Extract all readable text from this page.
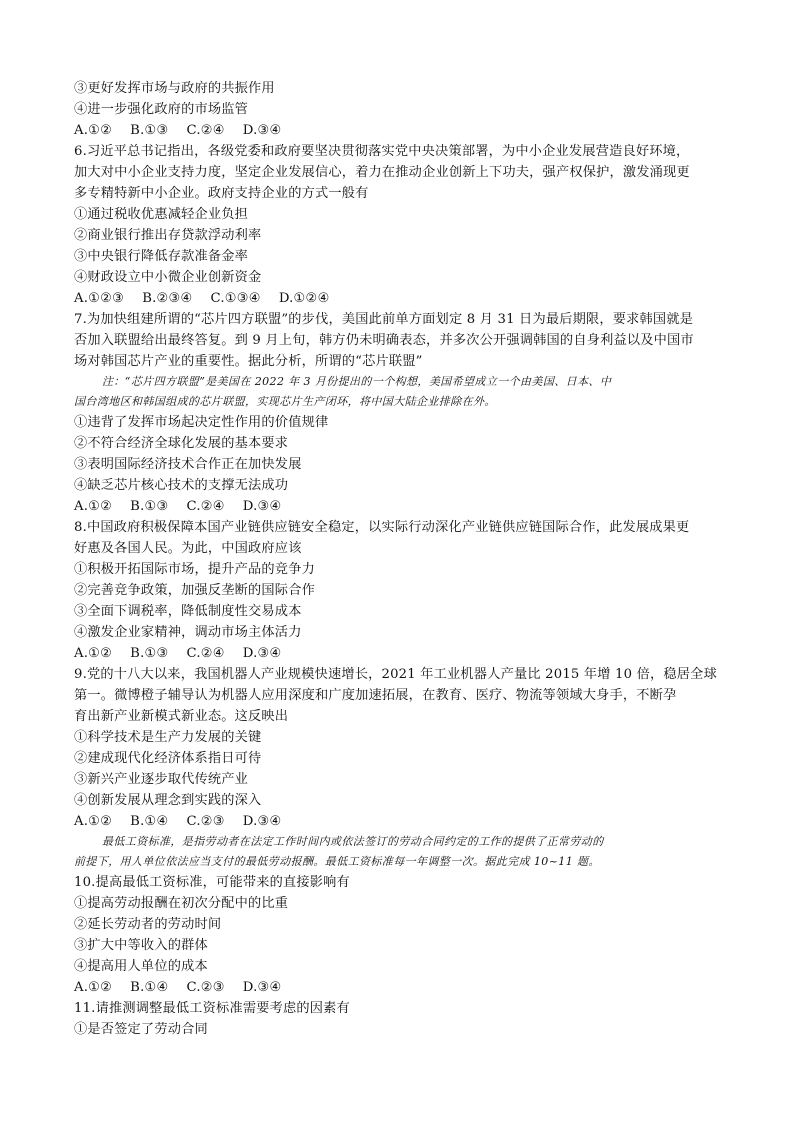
③更好发挥市场与政府的共振作用
④进一步强化政府的市场监管
A.①② B.①③ C.②④ D.③④
6.习近平总书记指出，各级党委和政府要坚决贯彻落实党中央决策部署，为中小企业发展营造良好环境，
加大对中小企业支持力度，坚定企业发展信心，着力在推动企业创新上下功夫，强产权保护，激发涌现更
多专精特新中小企业。政府支持企业的方式一般有
①通过税收优惠减轻企业负担
②商业银行推出存贷款浮动利率
③中央银行降低存款准备金率
④财政设立中小微企业创新资金
A.①②③ B.②③④ C.①③④ D.①②④
7.为加快组建所谓的“芯片四方联盟”的步伐，美国此前单方面划定 8 月 31 日为最后期限，要求韩国就是
否加入联盟给出最终答复。到 9 月上旬，韩方仍未明确表态，并多次公开强调韩国的自身利益以及中国市
场对韩国芯片产业的重要性。据此分析，所谓的“芯片联盟”
注：“芯片四方联盟”是美国在 2022 年 3 月份提出的一个构想，美国希望成立一个由美国、日本、中
国台湾地区和韩国组成的芯片联盟，实现芯片生产闭环，将中国大陆企业排除在外。
①违背了发挥市场起决定性作用的价值规律
②不符合经济全球化发展的基本要求
③表明国际经济技术合作正在加快发展
④缺乏芯片核心技术的支撑无法成功
A.①② B.①③ C.②④ D.③④
8.中国政府积极保障本国产业链供应链安全稳定，以实际行动深化产业链供应链国际合作，此发展成果更
好惠及各国人民。为此，中国政府应该
①积极开拓国际市场，提升产品的竞争力
②完善竞争政策，加强反垄断的国际合作
③全面下调税率，降低制度性交易成本
④激发企业家精神，调动市场主体活力
A.①② B.①③ C.②④ D.③④
9.党的十八大以来，我国机器人产业规模快速增长，2021 年工业机器人产量比 2015 年增 10 倍，稳居全球
第一。微博橙子辅导认为机器人应用深度和广度加速拓展，在教育、医疗、物流等领域大身手，不断孕
育出新产业新模式新业态。这反映出
①科学技术是生产力发展的关键
②建成现代化经济体系指日可待
③新兴产业逐步取代传统产业
④创新发展从理念到实践的深入
A.①② B.①④ C.②③ D.③④
最低工资标准，是指劳动者在法定工作时间内或依法签订的劳动合同约定的工作的提供了正常劳动的
前提下，用人单位依法应当支付的最低劳动报酬。最低工资标准每一年调整一次。据此完成 10~11 题。
10.提高最低工资标准，可能带来的直接影响有
①提高劳动报酬在初次分配中的比重
②延长劳动者的劳动时间
③扩大中等收入的群体
④提高用人单位的成本
A.①② B.①④ C.②③ D.③④
11.请推测调整最低工资标准需要考虑的因素有
①是否签定了劳动合同
